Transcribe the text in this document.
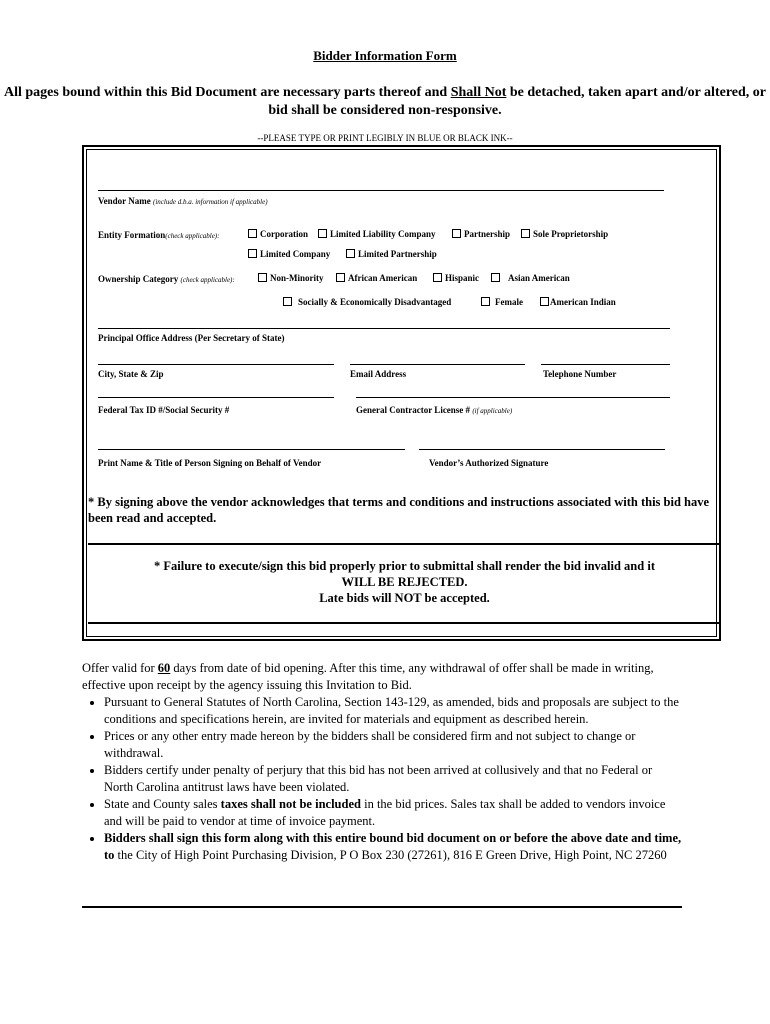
Bidder Information Form
All pages bound within this Bid Document are necessary parts thereof and Shall Not be detached, taken apart and/or altered, or bid shall be considered non-responsive.
--PLEASE TYPE OR PRINT LEGIBLY IN BLUE OR BLACK INK--
Vendor Name (include d.b.a. information if applicable)
Entity Formation(check applicable):	Corporation	Limited Liability Company	Partnership	Sole Proprietorship
Limited Company	Limited Partnership
Ownership Category (check applicable):	Non-Minority	African American	Hispanic	Asian American
Socially & Economically Disadvantaged	Female	American Indian
Principal Office Address (Per Secretary of State)
City, State & Zip	Email Address	Telephone Number
Federal Tax ID #/Social Security #	General Contractor License # (if applicable)
Print Name & Title of Person Signing on Behalf of Vendor	Vendor’s Authorized Signature
* By signing above the vendor acknowledges that terms and conditions and instructions associated with this bid have been read and accepted.
* Failure to execute/sign this bid properly prior to submittal shall render the bid invalid and it
WILL BE REJECTED.
Late bids will NOT be accepted.
Offer valid for 60 days from date of bid opening. After this time, any withdrawal of offer shall be made in writing, effective upon receipt by the agency issuing this Invitation to Bid.
• Pursuant to General Statutes of North Carolina, Section 143-129, as amended, bids and proposals are subject to the conditions and specifications herein, are invited for materials and equipment as described herein.
• Prices or any other entry made hereon by the bidders shall be considered firm and not subject to change or withdrawal.
• Bidders certify under penalty of perjury that this bid has not been arrived at collusively and that no Federal or North Carolina antitrust laws have been violated.
• State and County sales taxes shall not be included in the bid prices. Sales tax shall be added to vendors invoice and will be paid to vendor at time of invoice payment.
• Bidders shall sign this form along with this entire bound bid document on or before the above date and time, to the City of High Point Purchasing Division, P O Box 230 (27261), 816 E Green Drive, High Point, NC 27260
